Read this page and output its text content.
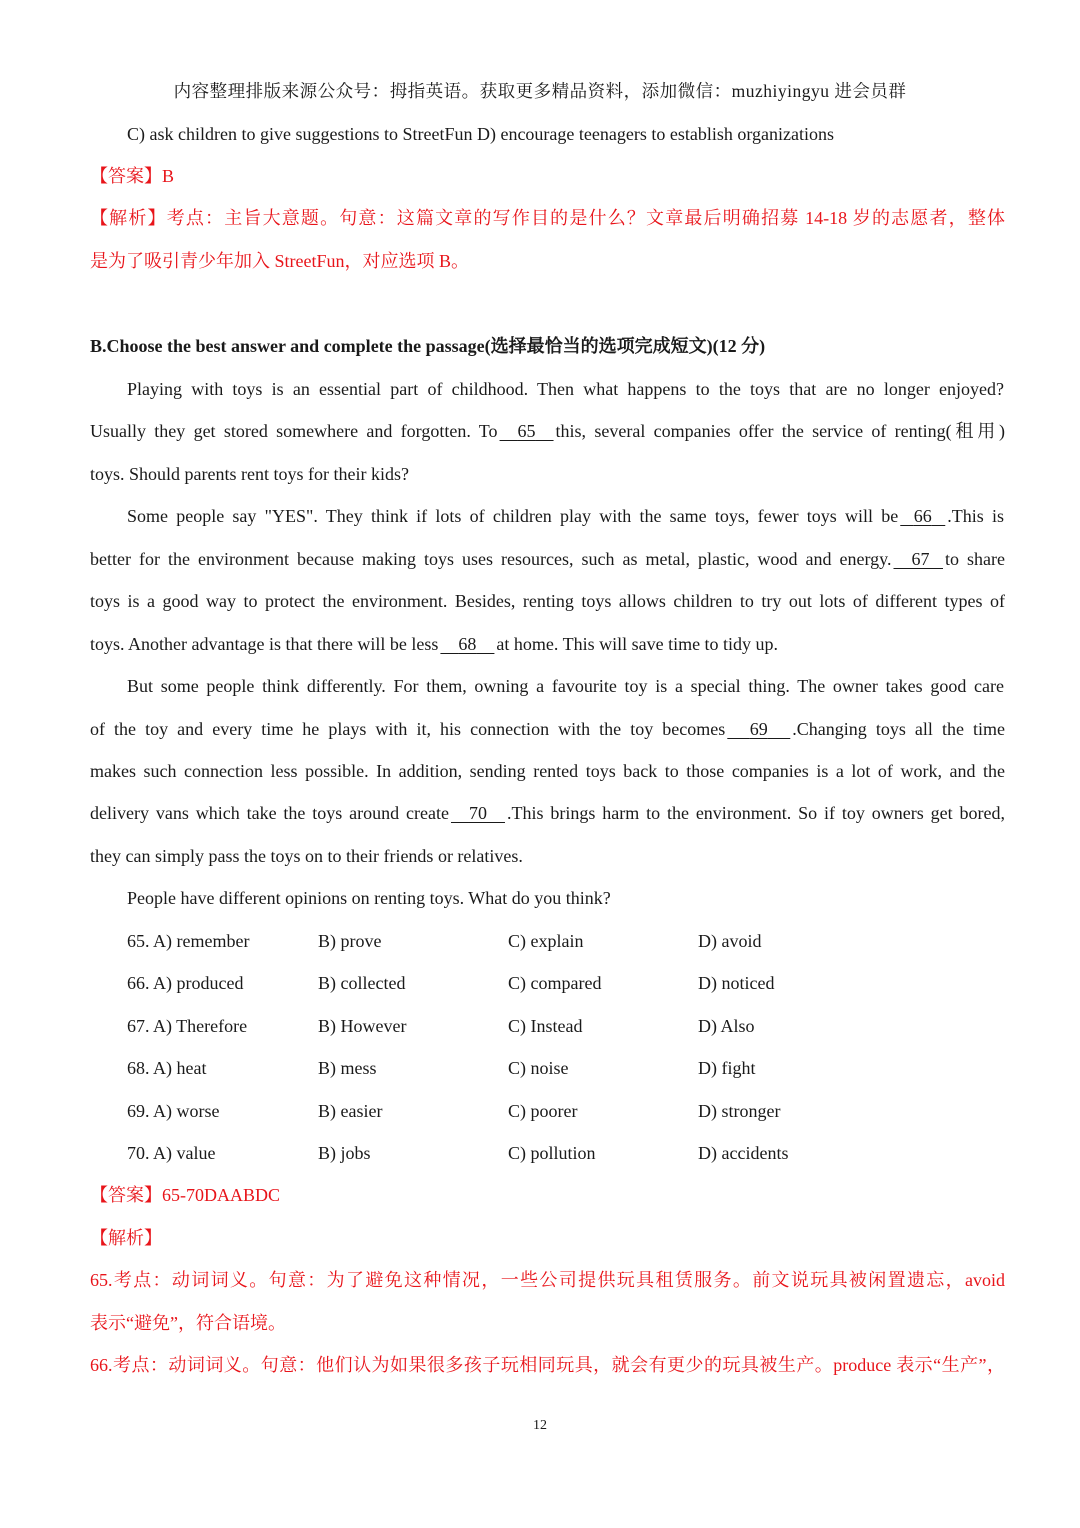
内容整理排版来源公众号：拇指英语。获取更多精品资料，添加微信：muzhiyingyu 进会员群
C) ask children to give suggestions to StreetFun D) encourage teenagers to establish organizations
【答案】B
【解析】考点：主旨大意题。句意：这篇文章的写作目的是什么？文章最后明确招募 14-18 岁的志愿者，整体
是为了吸引青少年加入 StreetFun，对应选项 B。
B.Choose the best answer and complete the passage(选择最恰当的选项完成短文)(12 分)
Playing with toys is an essential part of childhood. Then what happens to the toys that are no longer enjoyed?
Usually they get stored somewhere and forgotten. To 65 this, several companies offer the service of renting(租用)
toys. Should parents rent toys for their kids?
Some people say "YES". They think if lots of children play with the same toys, fewer toys will be 66 .This is
better for the environment because making toys uses resources, such as metal, plastic, wood and energy. 67 to share
toys is a good way to protect the environment. Besides, renting toys allows children to try out lots of different types of
toys. Another advantage is that there will be less 68 at home. This will save time to tidy up.
But some people think differently. For them, owning a favourite toy is a special thing. The owner takes good care
of the toy and every time he plays with it, his connection with the toy becomes 69 .Changing toys all the time
makes such connection less possible. In addition, sending rented toys back to those companies is a lot of work, and the
delivery vans which take the toys around create 70 .This brings harm to the environment. So if toy owners get bored,
they can simply pass the toys on to their friends or relatives.
People have different opinions on renting toys. What do you think?
65. A) remember	B) prove	C) explain	D) avoid
66. A) produced	B) collected	C) compared	D) noticed
67. A) Therefore	B) However	C) Instead	D) Also
68. A) heat	B) mess	C) noise	D) fight
69. A) worse	B) easier	C) poorer	D) stronger
70. A) value	B) jobs	C) pollution	D) accidents
【答案】65-70DAABDC
【解析】
65.考点：动词词义。句意：为了避免这种情况，一些公司提供玩具租赁服务。前文说玩具被闲置遗忘，avoid
表示“避免”，符合语境。
66.考点：动词词义。句意：他们认为如果很多孩子玩相同玩具，就会有更少的玩具被生产。produce 表示“生产”，
12
